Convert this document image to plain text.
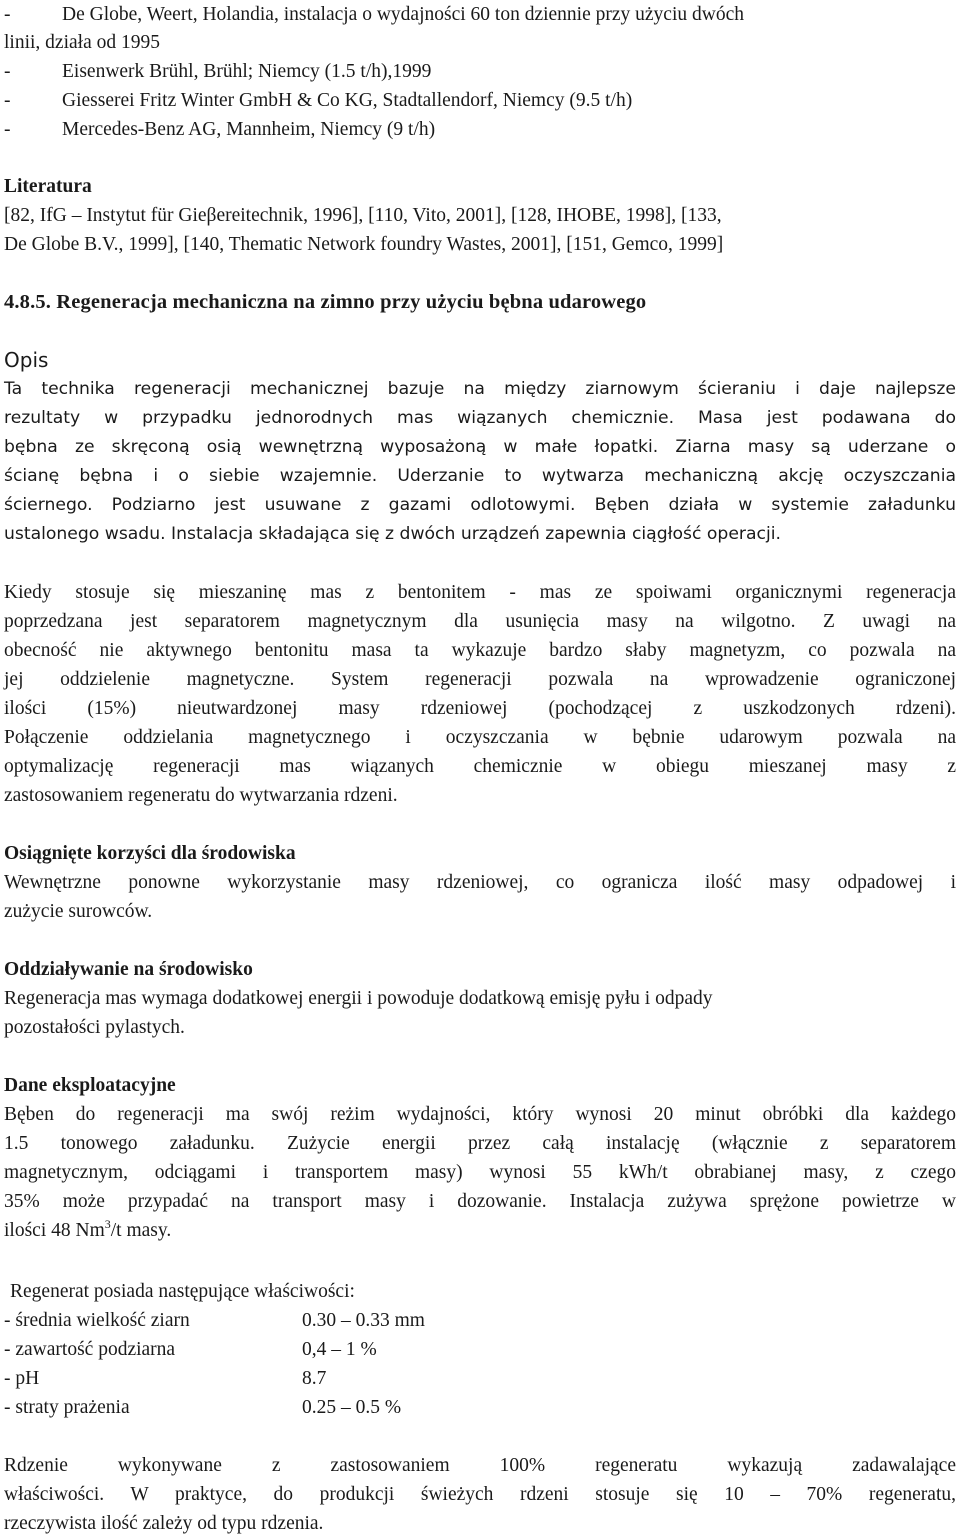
-	De Globe, Weert, Holandia, instalacja o wydajności 60 ton dziennie przy użyciu dwóch
linii, działa od 1995
-	Eisenwerk Brühl, Brühl; Niemcy (1.5 t/h),1999
-	Giesserei Fritz Winter GmbH & Co KG, Stadtallendorf, Niemcy (9.5 t/h)
-	Mercedes-Benz AG, Mannheim, Niemcy (9 t/h)
Literatura
[82, IfG – Instytut für Gieβereitechnik, 1996], [110, Vito, 2001], [128, IHOBE, 1998], [133,
De Globe B.V., 1999], [140, Thematic Network foundry Wastes, 2001], [151, Gemco, 1999]
4.8.5. Regeneracja mechaniczna na zimno przy użyciu bębna udarowego
Opis
Ta technika regeneracji mechanicznej bazuje na między ziarnowym ścieraniu i daje najlepsze
rezultaty w przypadku jednorodnych mas wiązanych chemicznie. Masa jest podawana do
bębna ze skręconą osią wewnętrzną wyposażoną w małe łopatki. Ziarna masy są uderzane o
ścianę bębna i o siebie wzajemnie. Uderzanie to wytwarza mechaniczną akcję oczyszczania
ściernego. Podziarno jest usuwane z gazami odlotowymi. Bęben działa w systemie załadunku
ustalonego wsadu. Instalacja składająca się z dwóch urządzeń zapewnia ciągłość operacji.
Kiedy stosuje się mieszaninę mas z bentonitem - mas ze spoiwami organicznymi regeneracja
poprzedzana jest separatorem magnetycznym dla usunięcia masy na wilgotno. Z uwagi na
obecność nie aktywnego bentonitu masa ta wykazuje bardzo słaby magnetyzm, co pozwala na
jej oddzielenie magnetyczne. System regeneracji pozwala na wprowadzenie ograniczonej
ilości (15%) nieutwardzonej masy rdzeniowej (pochodzącej z uszkodzonych rdzeni).
Połączenie oddzielania magnetycznego i oczyszczania w bębnie udarowym pozwala na
optymalizację regeneracji mas wiązanych chemicznie w obiegu mieszanej masy z
zastosowaniem regeneratu do wytwarzania rdzeni.
Osiągnięte korzyści dla środowiska
Wewnętrzne ponowne wykorzystanie masy rdzeniowej, co ogranicza ilość masy odpadowej i
zużycie surowców.
Oddziaływanie na środowisko
Regeneracja mas wymaga dodatkowej energii i powoduje dodatkową emisję pyłu i odpady
pozostałości pylastych.
Dane eksploatacyjne
Bęben do regeneracji ma swój reżim wydajności, który wynosi 20 minut obróbki dla każdego
1.5 tonowego załadunku. Zużycie energii przez całą instalację (włącznie z separatorem
magnetycznym, odciągami i transportem masy) wynosi 55 kWh/t obrabianej masy, z czego
35% może przypadać na transport masy i dozowanie. Instalacja zużywa sprężone powietrze w
ilości 48 Nm$^3$/t masy.
Regenerat posiada następujące właściwości:
- średnia wielkość ziarn	0.30 – 0.33 mm
- zawartość podziarna	0,4 – 1 %
- pH	8.7
- straty prażenia	0.25 – 0.5 %
Rdzenie wykonywane z zastosowaniem 100% regeneratu wykazują zadawalające
właściwości. W praktyce, do produkcji świeżych rdzeni stosuje się 10 – 70% regeneratu,
rzeczywista ilość zależy od typu rdzenia.
